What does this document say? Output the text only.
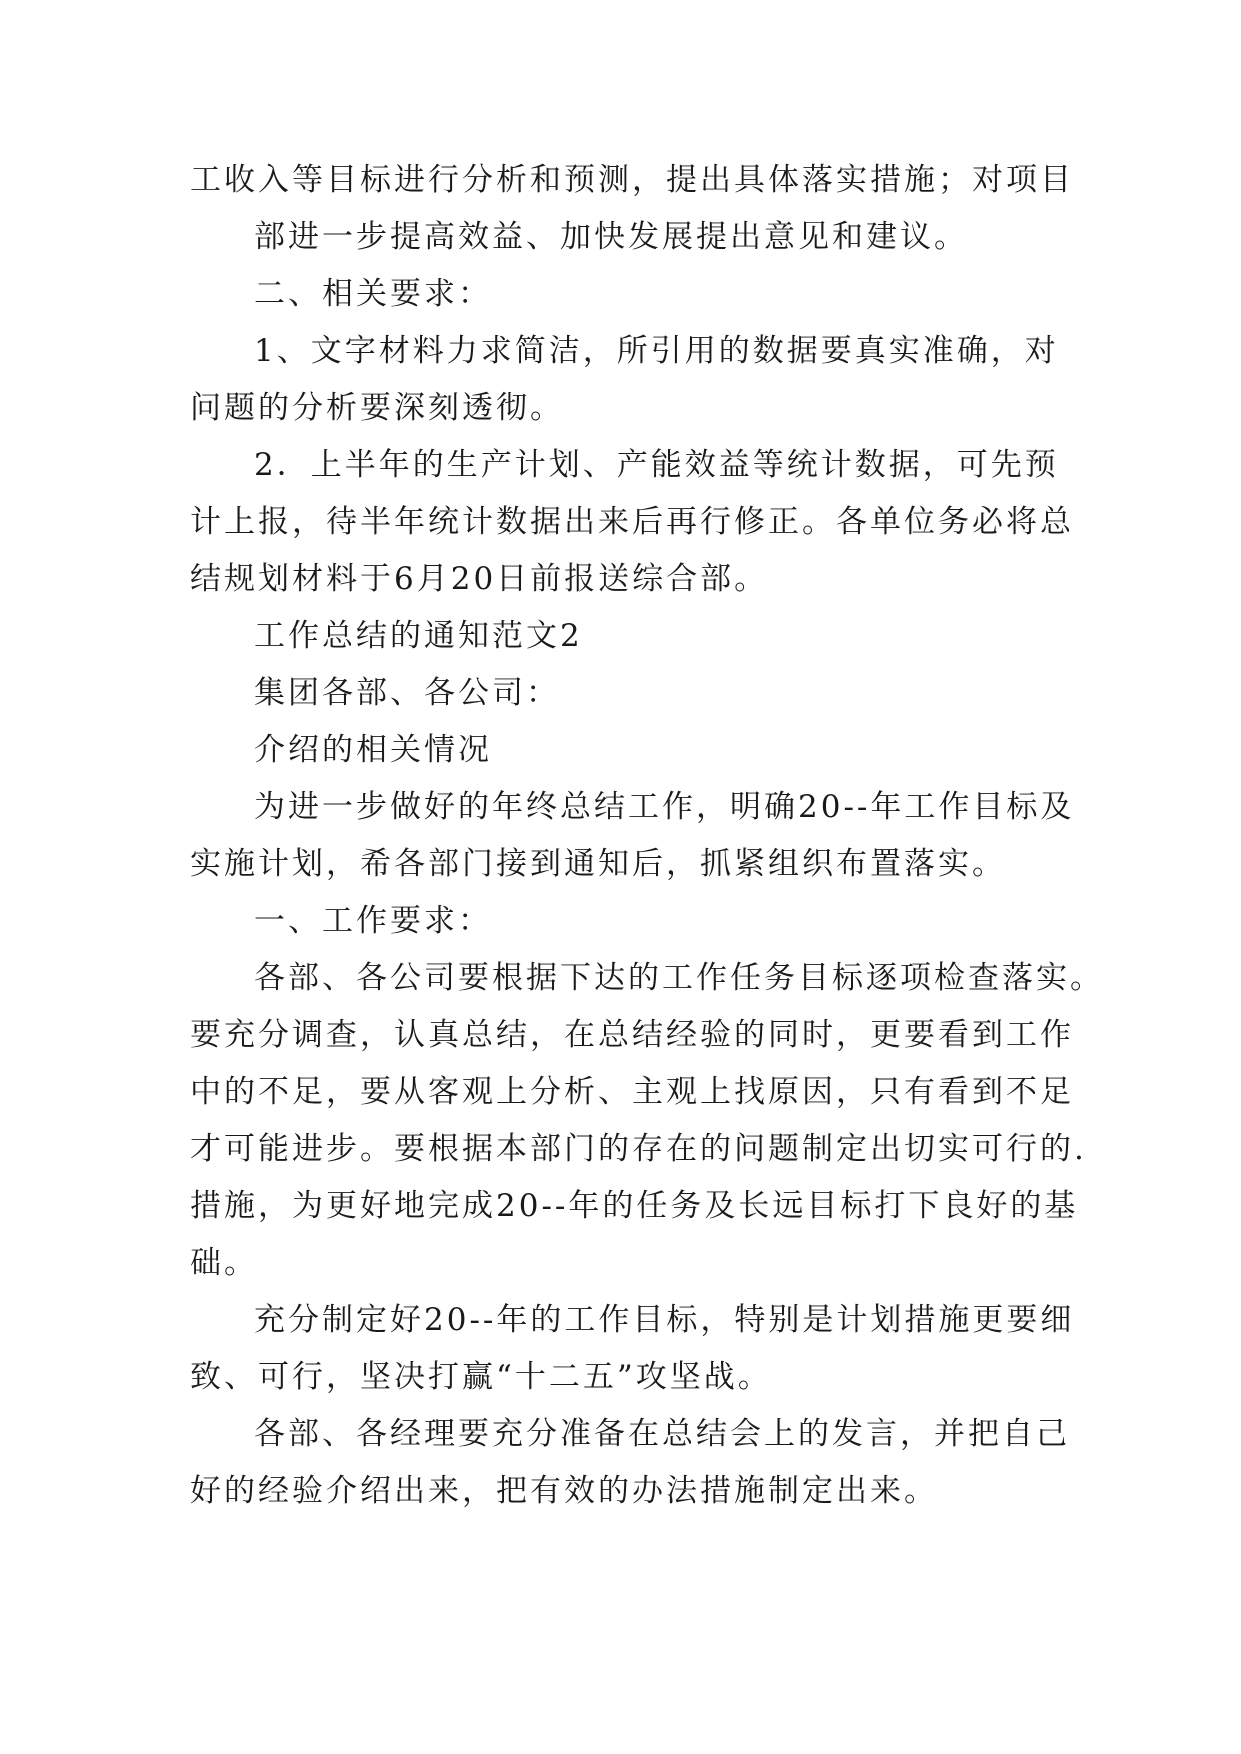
工收入等目标进行分析和预测，提出具体落实措施；对项目
部进一步提高效益、加快发展提出意见和建议。
二、相关要求：
1、文字材料力求简洁，所引用的数据要真实准确，对
问题的分析要深刻透彻。
2．上半年的生产计划、产能效益等统计数据，可先预
计上报，待半年统计数据出来后再行修正。各单位务必将总
结规划材料于6月20日前报送综合部。
工作总结的通知范文2
集团各部、各公司：
介绍的相关情况
为进一步做好的年终总结工作，明确20--年工作目标及
实施计划，希各部门接到通知后，抓紧组织布置落实。
一、工作要求：
各部、各公司要根据下达的工作任务目标逐项检查落实。
要充分调查，认真总结，在总结经验的同时，更要看到工作
中的不足，要从客观上分析、主观上找原因，只有看到不足
才可能进步。要根据本部门的存在的问题制定出切实可行的.
措施，为更好地完成20--年的任务及长远目标打下良好的基
础。
充分制定好20--年的工作目标，特别是计划措施更要细
致、可行，坚决打赢“十二五”攻坚战。
各部、各经理要充分准备在总结会上的发言，并把自己
好的经验介绍出来，把有效的办法措施制定出来。
